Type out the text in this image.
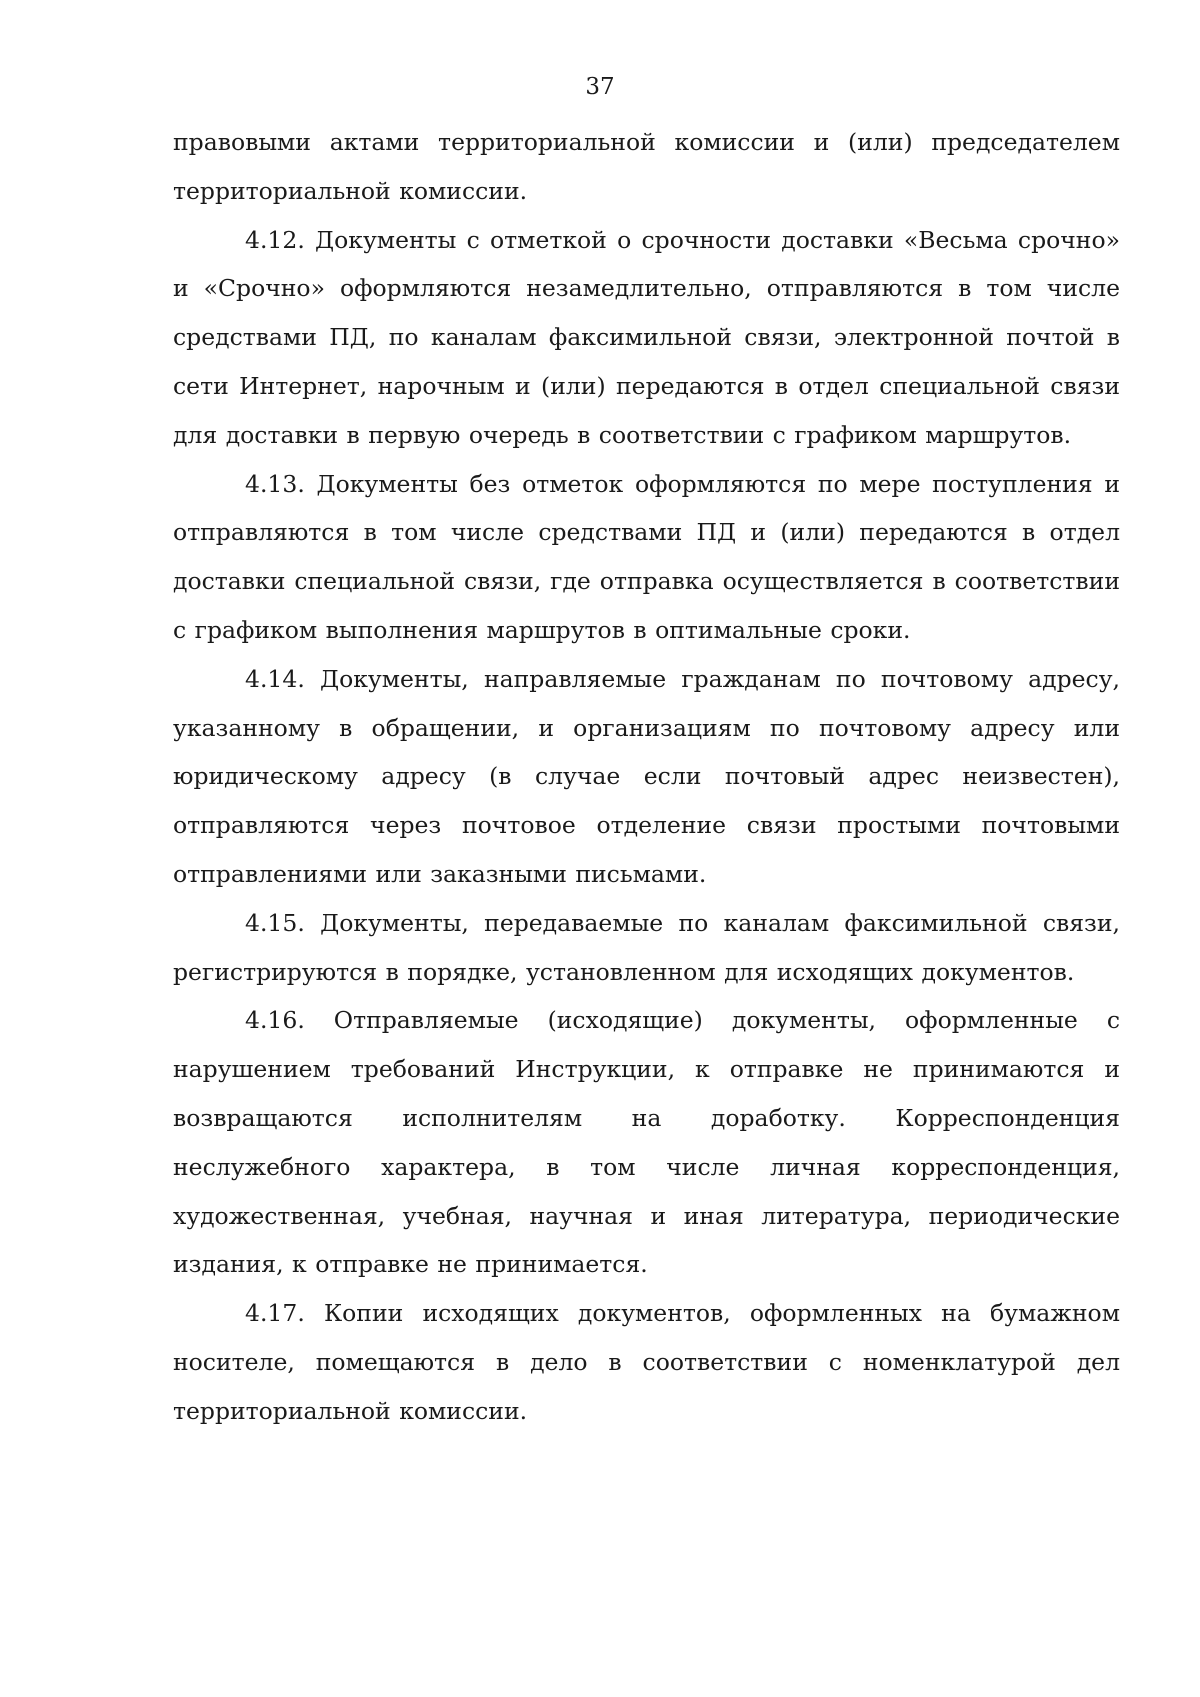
37

правовыми актами территориальной комиссии и (или) председателем территориальной комиссии.

4.12. Документы с отметкой о срочности доставки «Весьма срочно» и «Срочно» оформляются незамедлительно, отправляются в том числе средствами ПД, по каналам факсимильной связи, электронной почтой в сети Интернет, нарочным и (или) передаются в отдел специальной связи для доставки в первую очередь в соответствии с графиком маршрутов.

4.13. Документы без отметок оформляются по мере поступления и отправляются в том числе средствами ПД и (или) передаются в отдел доставки специальной связи, где отправка осуществляется в соответствии с графиком выполнения маршрутов в оптимальные сроки.

4.14. Документы, направляемые гражданам по почтовому адресу, указанному в обращении, и организациям по почтовому адресу или юридическому адресу (в случае если почтовый адрес неизвестен), отправляются через почтовое отделение связи простыми почтовыми отправлениями или заказными письмами.

4.15. Документы, передаваемые по каналам факсимильной связи, регистрируются в порядке, установленном для исходящих документов.

4.16. Отправляемые (исходящие) документы, оформленные с нарушением требований Инструкции, к отправке не принимаются и возвращаются исполнителям на доработку. Корреспонденция неслужебного характера, в том числе личная корреспонденция, художественная, учебная, научная и иная литература, периодические издания, к отправке не принимается.

4.17. Копии исходящих документов, оформленных на бумажном носителе, помещаются в дело в соответствии с номенклатурой дел территориальной комиссии.
